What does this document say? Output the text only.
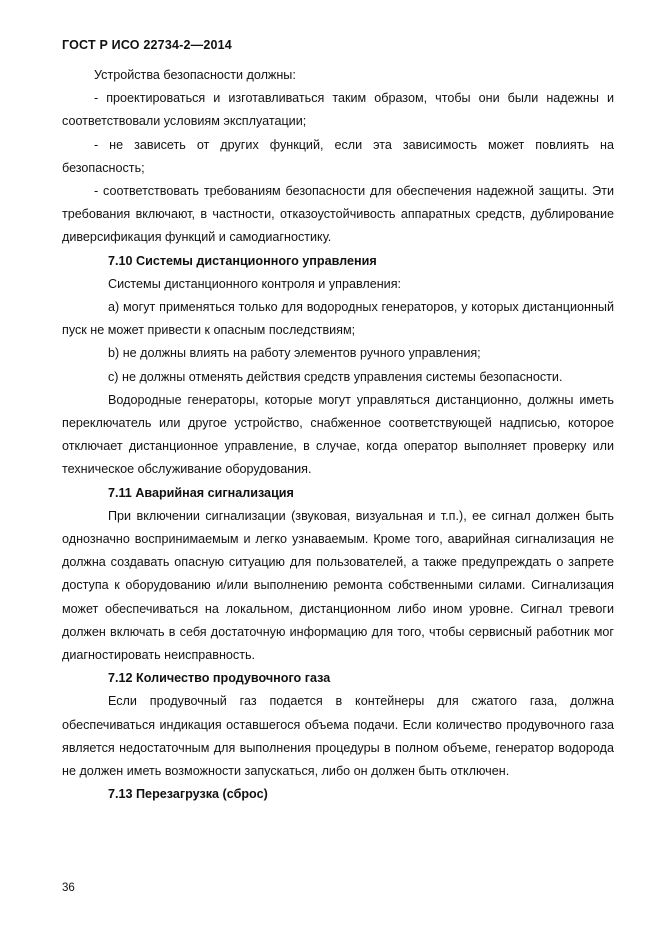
ГОСТ Р ИСО 22734-2—2014

Устройства безопасности должны:

- проектироваться и изготавливаться таким образом, чтобы они были надежны и соответствовали условиям эксплуатации;

- не зависеть от других функций, если эта зависимость может повлиять на безопасность;

- соответствовать требованиям безопасности для обеспечения надежной защиты. Эти требования включают, в частности, отказоустойчивость аппаратных средств, дублирование диверсификация функций и самодиагностику.

7.10 Системы дистанционного управления

Системы дистанционного контроля и управления:

а) могут применяться только для водородных генераторов, у которых дистанционный пуск не может привести к опасным последствиям;

b) не должны влиять на работу элементов ручного управления;

с) не должны отменять действия средств управления системы безопасности.

Водородные генераторы, которые могут управляться дистанционно, должны иметь переключатель или другое устройство, снабженное соответствующей надписью, которое отключает дистанционное управление, в случае, когда оператор выполняет проверку или техническое обслуживание оборудования.

7.11 Аварийная сигнализация

При включении сигнализации (звуковая, визуальная и т.п.), ее сигнал должен быть однозначно воспринимаемым и легко узнаваемым. Кроме того, аварийная сигнализация не должна создавать опасную ситуацию для пользователей, а также предупреждать о запрете доступа к оборудованию и/или выполнению ремонта собственными силами. Сигнализация может обеспечиваться на локальном, дистанционном либо ином уровне. Сигнал тревоги должен включать в себя достаточную информацию для того, чтобы сервисный работник мог диагностировать неисправность.

7.12 Количество продувочного газа

Если продувочный газ подается в контейнеры для сжатого газа, должна обеспечиваться индикация оставшегося объема подачи. Если количество продувочного газа является недостаточным для выполнения процедуры в полном объеме, генератор водорода не должен иметь возможности запускаться, либо он должен быть отключен.

7.13 Перезагрузка (сброс)
36
